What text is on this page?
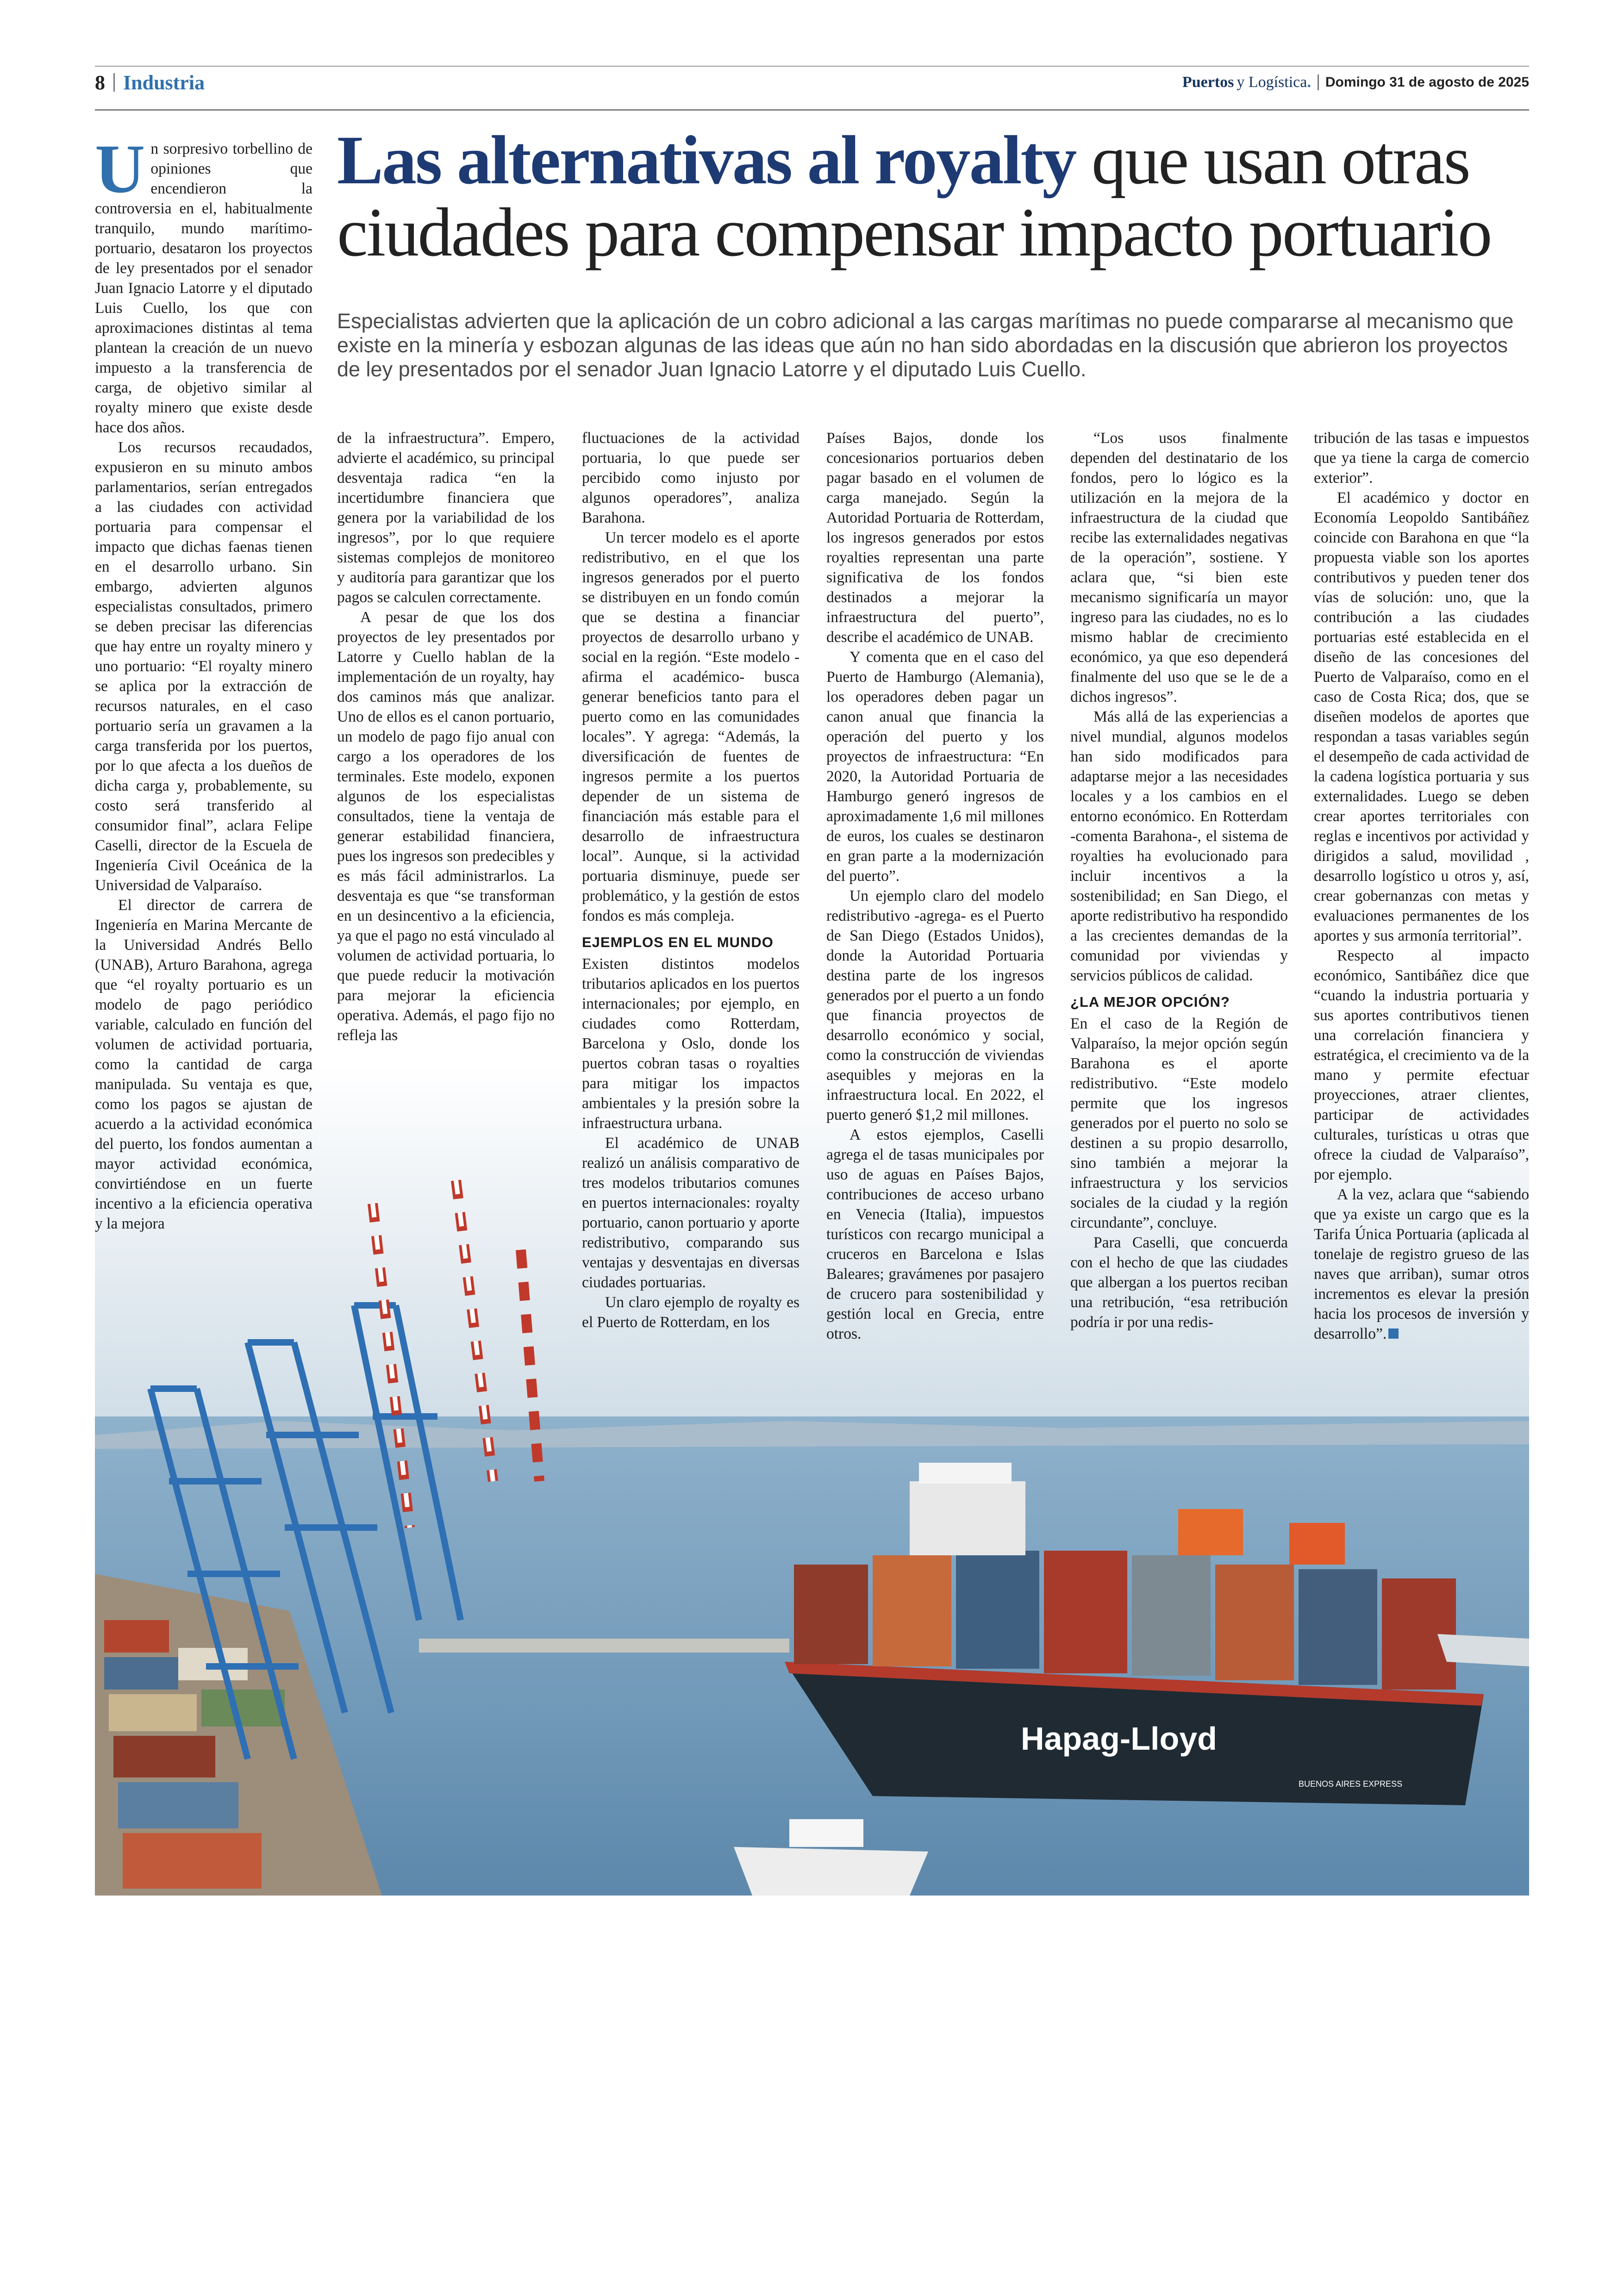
8 Industria	Puertos y Logística . Domingo 31 de agosto de 2025
Las alternativas al royalty que usan otras ciudades para compensar impacto portuario

Especialistas advierten que la aplicación de un cobro adicional a las cargas marítimas no puede compararse al mecanismo que existe en la minería y esbozan algunas de las ideas que aún no han sido abordadas en la discusión que abrieron los proyectos de ley presentados por el senador Juan Ignacio Latorre y el diputado Luis Cuello.

Hapag-Lloyd
BUENOS AIRES EXPRESS

Un sorpresivo torbellino de opiniones que encendieron la controversia en el, habitualmente tranquilo, mundo marítimo-portuario, desataron los proyectos de ley presentados por el senador Juan Ignacio Latorre y el diputado Luis Cuello, los que con aproximaciones distintas al tema plantean la creación de un nuevo impuesto a la transferencia de carga, de objetivo similar al royalty minero que existe desde hace dos años.

Los recursos recaudados, expusieron en su minuto ambos parlamentarios, serían entregados a las ciudades con actividad portuaria para compensar el impacto que dichas faenas tienen en el desarrollo urbano. Sin embargo, advierten algunos especialistas consultados, primero se deben precisar las diferencias que hay entre un royalty minero y uno portuario: “El royalty minero se aplica por la extracción de recursos naturales, en el caso portuario sería un gravamen a la carga transferida por los puertos, por lo que afecta a los dueños de dicha carga y, probablemente, su costo será transferido al consumidor final”, aclara Felipe Caselli, director de la Escuela de Ingeniería Civil Oceánica de la Universidad de Valparaíso.

El director de carrera de Ingeniería en Marina Mercante de la Universidad Andrés Bello (UNAB), Arturo Barahona, agrega que “el royalty portuario es un modelo de pago periódico variable, calculado en función del volumen de actividad portuaria, como la cantidad de carga manipulada. Su ventaja es que, como los pagos se ajustan de acuerdo a la actividad económica del puerto, los fondos aumentan a mayor actividad económica, convirtiéndose en un fuerte incentivo a la eficiencia operativa y la mejora

de la infraestructura”. Empero, advierte el académico, su principal desventaja radica “en la incertidumbre financiera que genera por la variabilidad de los ingresos”, por lo que requiere sistemas complejos de monitoreo y auditoría para garantizar que los pagos se calculen correctamente.

A pesar de que los dos proyectos de ley presentados por Latorre y Cuello hablan de la implementación de un royalty, hay dos caminos más que analizar. Uno de ellos es el canon portuario, un modelo de pago fijo anual con cargo a los operadores de los terminales. Este modelo, exponen algunos de los especialistas consultados, tiene la ventaja de generar estabilidad financiera, pues los ingresos son predecibles y es más fácil administrarlos. La desventaja es que “se transforman en un desincentivo a la eficiencia, ya que el pago no está vinculado al volumen de actividad portuaria, lo que puede reducir la motivación para mejorar la eficiencia operativa. Además, el pago fijo no refleja las

fluctuaciones de la actividad portuaria, lo que puede ser percibido como injusto por algunos operadores”, analiza Barahona.

Un tercer modelo es el aporte redistributivo, en el que los ingresos generados por el puerto se distribuyen en un fondo común que se destina a financiar proyectos de desarrollo urbano y social en la región. “Este modelo -afirma el académico- busca generar beneficios tanto para el puerto como en las comunidades locales”. Y agrega: “Además, la diversificación de fuentes de ingresos permite a los puertos depender de un sistema de financiación más estable para el desarrollo de infraestructura local”. Aunque, si la actividad portuaria disminuye, puede ser problemático, y la gestión de estos fondos es más compleja.

EJEMPLOS EN EL MUNDO

Existen distintos modelos tributarios aplicados en los puertos internacionales; por ejemplo, en ciudades como Rotterdam, Barcelona y Oslo, donde los puertos cobran tasas o royalties para mitigar los impactos ambientales y la presión sobre la infraestructura urbana.

El académico de UNAB realizó un análisis comparativo de tres modelos tributarios comunes en puertos internacionales: royalty portuario, canon portuario y aporte redistributivo, comparando sus ventajas y desventajas en diversas ciudades portuarias.

Un claro ejemplo de royalty es el Puerto de Rotterdam, en los

Países Bajos, donde los concesionarios portuarios deben pagar basado en el volumen de carga manejado. Según la Autoridad Portuaria de Rotterdam, los ingresos generados por estos royalties representan una parte significativa de los fondos destinados a mejorar la infraestructura del puerto”, describe el académico de UNAB.

Y comenta que en el caso del Puerto de Hamburgo (Alemania), los operadores deben pagar un canon anual que financia la operación del puerto y los proyectos de infraestructura: “En 2020, la Autoridad Portuaria de Hamburgo generó ingresos de aproximadamente 1,6 mil millones de euros, los cuales se destinaron en gran parte a la modernización del puerto”.

Un ejemplo claro del modelo redistributivo -agrega- es el Puerto de San Diego (Estados Unidos), donde la Autoridad Portuaria destina parte de los ingresos generados por el puerto a un fondo que financia proyectos de desarrollo económico y social, como la construcción de viviendas asequibles y mejoras en la infraestructura local. En 2022, el puerto generó $1,2 mil millones.

A estos ejemplos, Caselli agrega el de tasas municipales por uso de aguas en Países Bajos, contribuciones de acceso urbano en Venecia (Italia), impuestos turísticos con recargo municipal a cruceros en Barcelona e Islas Baleares; gravámenes por pasajero de crucero para sostenibilidad y gestión local en Grecia, entre otros.

“Los usos finalmente dependen del destinatario de los fondos, pero lo lógico es la utilización en la mejora de la infraestructura de la ciudad que recibe las externalidades negativas de la operación”, sostiene. Y aclara que, “si bien este mecanismo significaría un mayor ingreso para las ciudades, no es lo mismo hablar de crecimiento económico, ya que eso dependerá finalmente del uso que se le de a dichos ingresos”.

Más allá de las experiencias a nivel mundial, algunos modelos han sido modificados para adaptarse mejor a las necesidades locales y a los cambios en el entorno económico. En Rotterdam -comenta Barahona-, el sistema de royalties ha evolucionado para incluir incentivos a la sostenibilidad; en San Diego, el aporte redistributivo ha respondido a las crecientes demandas de la comunidad por viviendas y servicios públicos de calidad.

¿LA MEJOR OPCIÓN?

En el caso de la Región de Valparaíso, la mejor opción según Barahona es el aporte redistributivo. “Este modelo permite que los ingresos generados por el puerto no solo se destinen a su propio desarrollo, sino también a mejorar la infraestructura y los servicios sociales de la ciudad y la región circundante”, concluye.

Para Caselli, que concuerda con el hecho de que las ciudades que albergan a los puertos reciban una retribución, “esa retribución podría ir por una redis-

tribución de las tasas e impuestos que ya tiene la carga de comercio exterior”.

El académico y doctor en Economía Leopoldo Santibáñez coincide con Barahona en que “la propuesta viable son los aportes contributivos y pueden tener dos vías de solución: uno, que la contribución a las ciudades portuarias esté establecida en el diseño de las concesiones del Puerto de Valparaíso, como en el caso de Costa Rica; dos, que se diseñen modelos de aportes que respondan a tasas variables según el desempeño de cada actividad de la cadena logística portuaria y sus externalidades. Luego se deben crear aportes territoriales con reglas e incentivos por actividad y dirigidos a salud, movilidad , desarrollo logístico u otros y, así, crear gobernanzas con metas y evaluaciones permanentes de los aportes y sus armonía territorial”.

Respecto al impacto económico, Santibáñez dice que “cuando la industria portuaria y sus aportes contributivos tienen una correlación financiera y estratégica, el crecimiento va de la mano y permite efectuar proyecciones, atraer clientes, participar de actividades culturales, turísticas u otras que ofrece la ciudad de Valparaíso”, por ejemplo.

A la vez, aclara que “sabiendo que ya existe un cargo que es la Tarifa Única Portuaria (aplicada al tonelaje de registro grueso de las naves que arriban), sumar otros incrementos es elevar la presión hacia los procesos de inversión y desarrollo”.
